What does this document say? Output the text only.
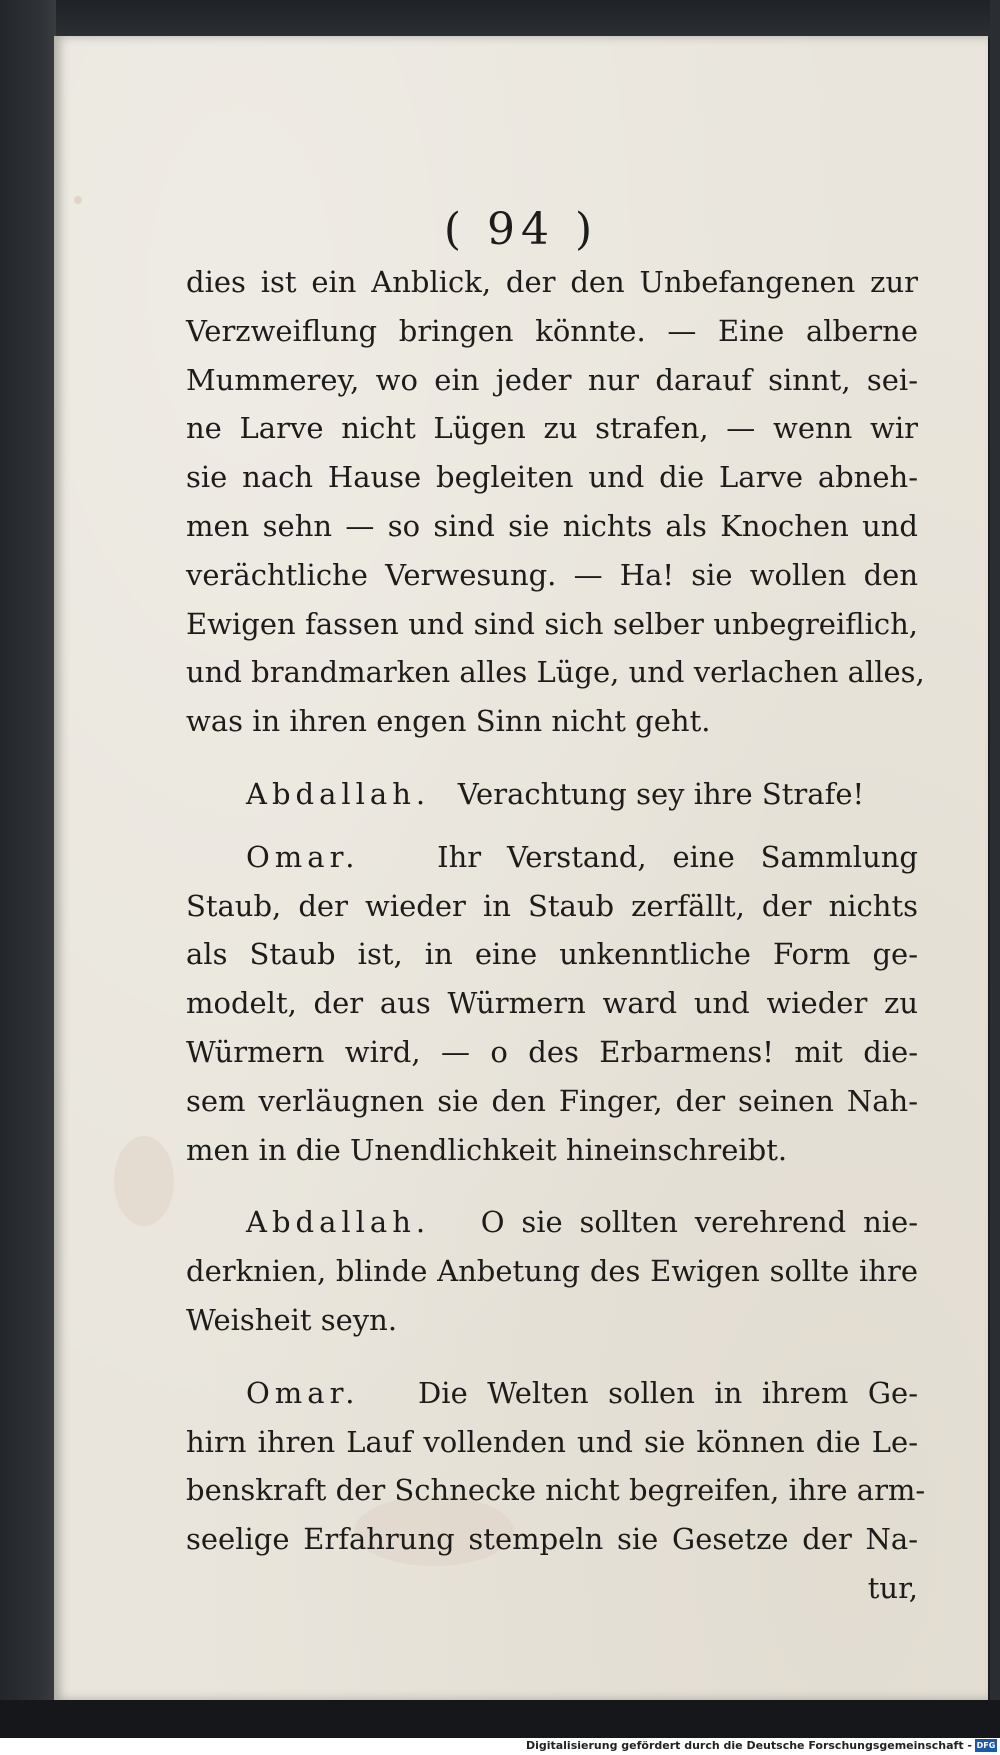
( 94 )
dies ist ein Anblick, der den Unbefangenen zur
Verzweiflung bringen könnte. — Eine alberne
Mummerey, wo ein jeder nur darauf sinnt, sei-
ne Larve nicht Lügen zu strafen, — wenn wir
sie nach Hause begleiten und die Larve abneh-
men sehn — so sind sie nichts als Knochen und
verächtliche Verwesung. — Ha! sie wollen den
Ewigen fassen und sind sich selber unbegreiflich,
und brandmarken alles Lüge, und verlachen alles,
was in ihren engen Sinn nicht geht.
Abdallah. Verachtung sey ihre Strafe!
Omar.	Ihr Verstand, eine Sammlung
Staub, der wieder in Staub zerfällt, der nichts
als Staub ist, in eine unkenntliche Form ge-
modelt, der aus Würmern ward und wieder zu
Würmern wird, — o des Erbarmens! mit die-
sem verläugnen sie den Finger, der seinen Nah-
men in die Unendlichkeit hineinschreibt.
Abdallah. O sie sollten verehrend nie-
derknien, blinde Anbetung des Ewigen sollte ihre
Weisheit seyn.
Omar. Die Welten sollen in ihrem Ge-
hirn ihren Lauf vollenden und sie können die Le-
benskraft der Schnecke nicht begreifen, ihre arm-
seelige Erfahrung stempeln sie Gesetze der Na-
tur,
Digitalisierung gefördert durch die Deutsche Forschungsgemeinschaft - DFG
